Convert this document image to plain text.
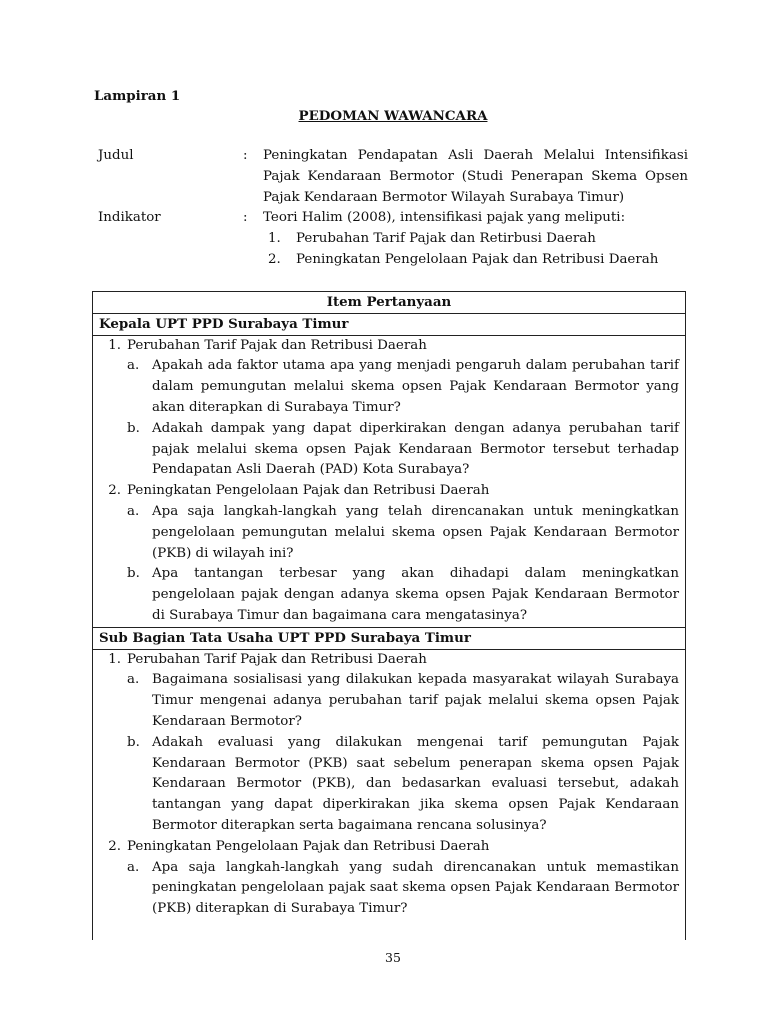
Lampiran 1
PEDOMAN WAWANCARA
Judul	:	Peningkatan Pendapatan Asli Daerah Melalui Intensifikasi Pajak Kendaraan Bermotor (Studi Penerapan Skema Opsen Pajak Kendaraan Bermotor Wilayah Surabaya Timur)
Indikator	:	Teori Halim (2008), intensifikasi pajak yang meliputi:
1.	Perubahan Tarif Pajak dan Retirbusi Daerah
2.	Peningkatan Pengelolaan Pajak dan Retribusi Daerah
Item Pertanyaan
Kepala UPT PPD Surabaya Timur

1. Perubahan Tarif Pajak dan Retribusi Daerah
a. Apakah ada faktor utama apa yang menjadi pengaruh dalam perubahan tarif dalam pemungutan melalui skema opsen Pajak Kendaraan Bermotor yang akan diterapkan di Surabaya Timur?
b. Adakah dampak yang dapat diperkirakan dengan adanya perubahan tarif pajak melalui skema opsen Pajak Kendaraan Bermotor tersebut terhadap Pendapatan Asli Daerah (PAD) Kota Surabaya?
2. Peningkatan Pengelolaan Pajak dan Retribusi Daerah
a. Apa saja langkah-langkah yang telah direncanakan untuk meningkatkan pengelolaan pemungutan melalui skema opsen Pajak Kendaraan Bermotor (PKB) di wilayah ini?
b. Apa tantangan terbesar yang akan dihadapi dalam meningkatkan pengelolaan pajak dengan adanya skema opsen Pajak Kendaraan Bermotor di Surabaya Timur dan bagaimana cara mengatasinya?

Sub Bagian Tata Usaha UPT PPD Surabaya Timur

1. Perubahan Tarif Pajak dan Retribusi Daerah
a. Bagaimana sosialisasi yang dilakukan kepada masyarakat wilayah Surabaya Timur mengenai adanya perubahan tarif pajak melalui skema opsen Pajak Kendaraan Bermotor?
b. Adakah evaluasi yang dilakukan mengenai tarif pemungutan Pajak Kendaraan Bermotor (PKB) saat sebelum penerapan skema opsen Pajak Kendaraan Bermotor (PKB), dan bedasarkan evaluasi tersebut, adakah tantangan yang dapat diperkirakan jika skema opsen Pajak Kendaraan Bermotor diterapkan serta bagaimana rencana solusinya?
2. Peningkatan Pengelolaan Pajak dan Retribusi Daerah
a. Apa saja langkah-langkah yang sudah direncanakan untuk memastikan peningkatan pengelolaan pajak saat skema opsen Pajak Kendaraan Bermotor (PKB) diterapkan di Surabaya Timur?
35
